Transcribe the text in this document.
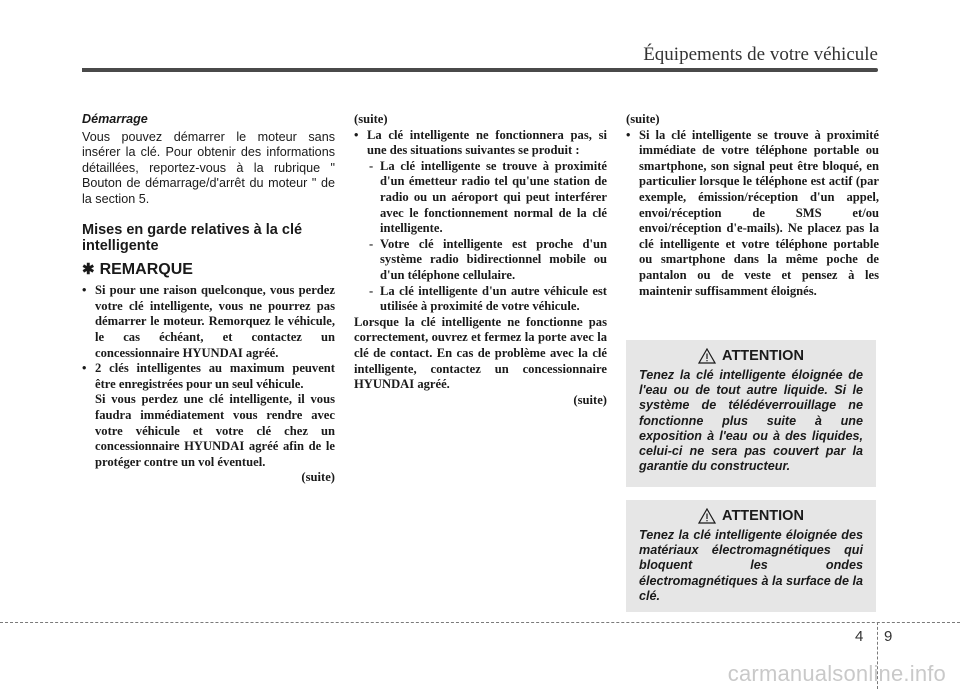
Équipements de votre véhicule

Démarrage

Vous pouvez démarrer le moteur sans insérer la clé. Pour obtenir des informations détaillées, reportez-vous à la rubrique " Bouton de démarrage/d'arrêt du moteur " de la section 5.

Mises en garde relatives à la clé intelligente
✱ REMARQUE
• Si pour une raison quelconque, vous perdez votre clé intelligente, vous ne pourrez pas démarrer le moteur. Remorquez le véhicule, le cas échéant, et contactez un concessionnaire HYUNDAI agréé.
• 2 clés intelligentes au maximum peuvent être enregistrées pour un seul véhicule.
Si vous perdez une clé intelligente, il vous faudra immédiatement vous rendre avec votre véhicule et votre clé chez un concessionnaire HYUNDAI agréé afin de le protéger contre un vol éventuel.

(suite)

(suite)

• La clé intelligente ne fonctionnera pas, si une des situations suivantes se produit :
- La clé intelligente se trouve à proximité d'un émetteur radio tel qu'une station de radio ou un aéroport qui peut interférer avec le fonctionnement normal de la clé intelligente.
- Votre clé intelligente est proche d'un système radio bidirectionnel mobile ou d'un téléphone cellulaire.
- La clé intelligente d'un autre véhicule est utilisée à proximité de votre véhicule.

Lorsque la clé intelligente ne fonctionne pas correctement, ouvrez et fermez la porte avec la clé de contact. En cas de problème avec la clé intelligente, contactez un concessionnaire HYUNDAI agréé.

(suite)

(suite)

• Si la clé intelligente se trouve à proximité immédiate de votre téléphone portable ou smartphone, son signal peut être bloqué, en particulier lorsque le téléphone est actif (par exemple, émission/réception d'un appel, envoi/réception de SMS et/ou envoi/réception d'e-mails). Ne placez pas la clé intelligente et votre téléphone portable ou smartphone dans la même poche de pantalon ou de veste et pensez à les maintenir suffisamment éloignés.
ATTENTION

Tenez la clé intelligente éloignée de l'eau ou de tout autre liquide. Si le système de télédéverrouillage ne fonctionne plus suite à une exposition à l'eau ou à des liquides, celui-ci ne sera pas couvert par la garantie du constructeur.

ATTENTION

Tenez la clé intelligente éloignée des matériaux électromagnétiques qui bloquent les ondes électromagnétiques à la surface de la clé.

4 9
carmanualsonline.info
